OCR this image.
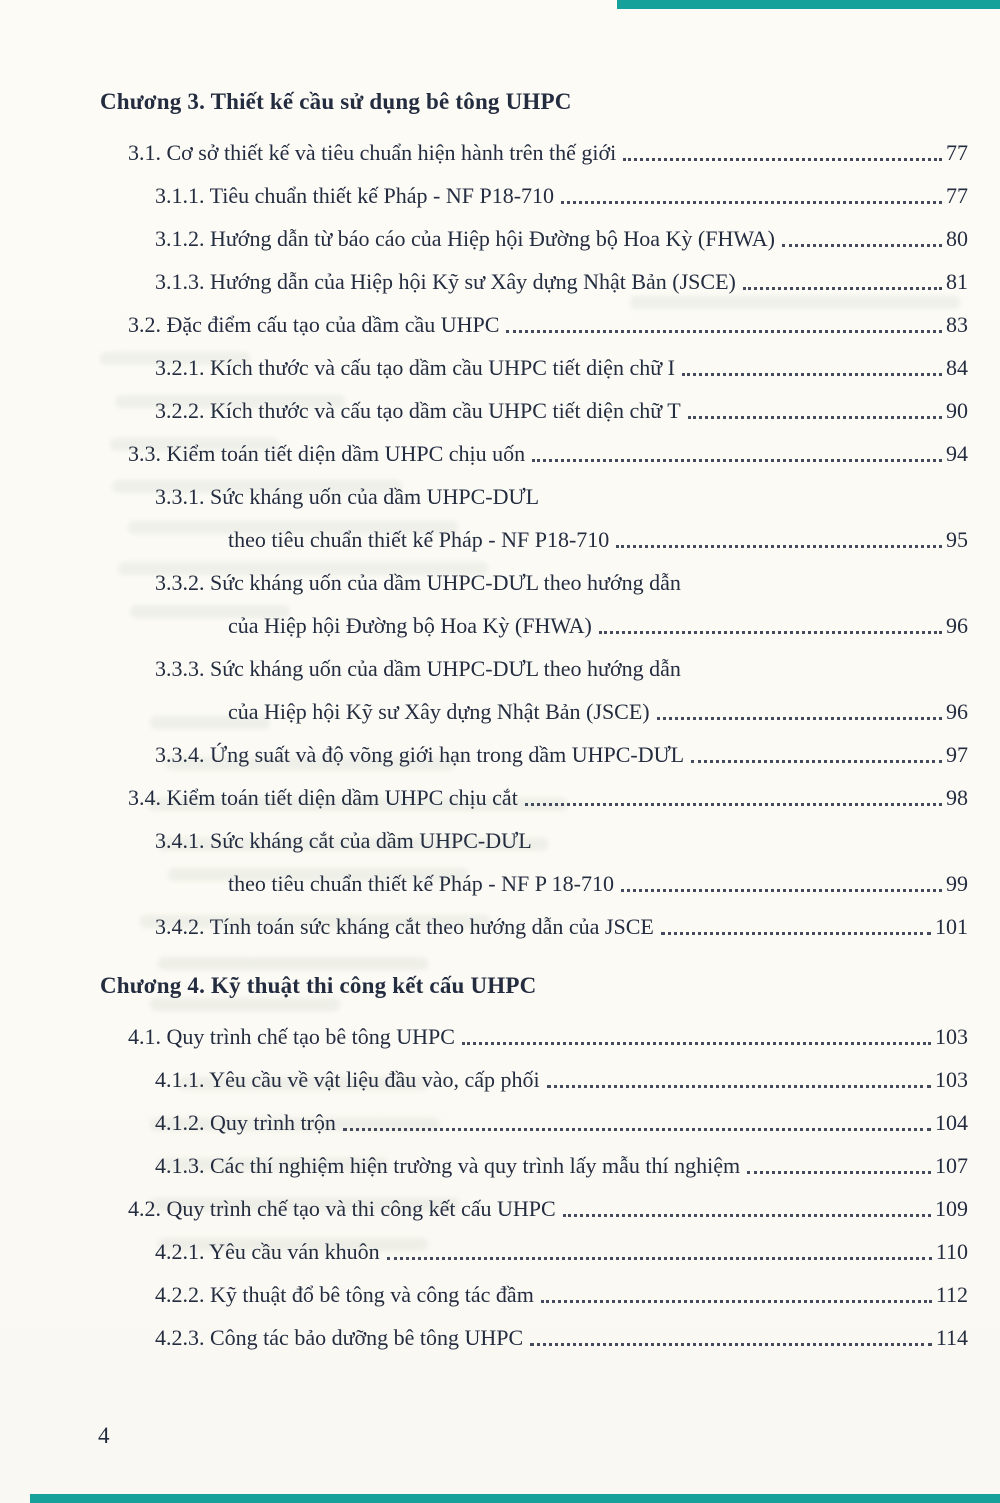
Chương 3. Thiết kế cầu sử dụng bê tông UHPC
3.1. Cơ sở thiết kế và tiêu chuẩn hiện hành trên thế giới	77
3.1.1. Tiêu chuẩn thiết kế Pháp - NF P18-710	77
3.1.2. Hướng dẫn từ báo cáo của Hiệp hội Đường bộ Hoa Kỳ (FHWA)	80
3.1.3. Hướng dẫn của Hiệp hội Kỹ sư Xây dựng Nhật Bản (JSCE)	81
3.2. Đặc điểm cấu tạo của dầm cầu UHPC	83
3.2.1. Kích thước và cấu tạo dầm cầu UHPC tiết diện chữ I	84
3.2.2. Kích thước và cấu tạo dầm cầu UHPC tiết diện chữ T	90
3.3. Kiểm toán tiết diện dầm UHPC chịu uốn	94
3.3.1. Sức kháng uốn của dầm UHPC-DƯL
theo tiêu chuẩn thiết kế Pháp - NF P18-710	95
3.3.2. Sức kháng uốn của dầm UHPC-DƯL theo hướng dẫn
của Hiệp hội Đường bộ Hoa Kỳ (FHWA)	96
3.3.3. Sức kháng uốn của dầm UHPC-DƯL theo hướng dẫn
của Hiệp hội Kỹ sư Xây dựng Nhật Bản (JSCE)	96
3.3.4. Ứng suất và độ võng giới hạn trong dầm UHPC-DƯL	97
3.4. Kiểm toán tiết diện dầm UHPC chịu cắt	98
3.4.1. Sức kháng cắt của dầm UHPC-DƯL
theo tiêu chuẩn thiết kế Pháp - NF P 18-710	99
3.4.2. Tính toán sức kháng cắt theo hướng dẫn của JSCE	101
Chương 4. Kỹ thuật thi công kết cấu UHPC
4.1. Quy trình chế tạo bê tông UHPC	103
4.1.1. Yêu cầu về vật liệu đầu vào, cấp phối	103
4.1.2. Quy trình trộn	104
4.1.3. Các thí nghiệm hiện trường và quy trình lấy mẫu thí nghiệm	107
4.2. Quy trình chế tạo và thi công kết cấu UHPC	109
4.2.1. Yêu cầu ván khuôn	110
4.2.2. Kỹ thuật đổ bê tông và công tác đầm	112
4.2.3. Công tác bảo dưỡng bê tông UHPC	114
4
